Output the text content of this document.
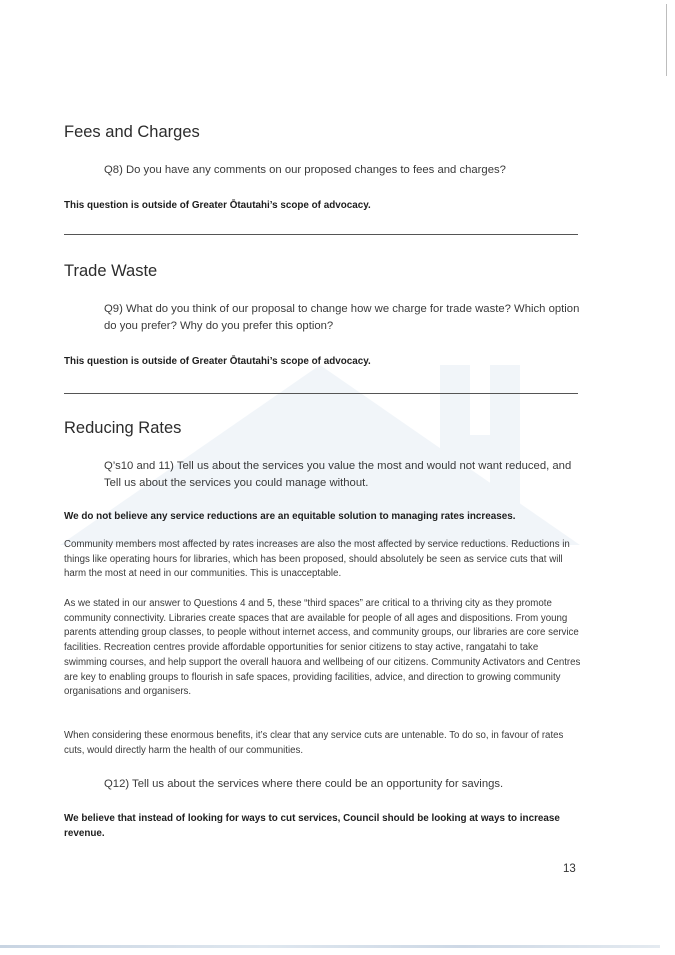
Fees and Charges

Q8) Do you have any comments on our proposed changes to fees and charges?

This question is outside of Greater Ōtautahi’s scope of advocacy.

Trade Waste

Q9) What do you think of our proposal to change how we charge for trade waste? Which option do you prefer? Why do you prefer this option?

This question is outside of Greater Ōtautahi’s scope of advocacy.

Reducing Rates

Q’s10 and 11) Tell us about the services you value the most and would not want reduced, and Tell us about the services you could manage without.

We do not believe any service reductions are an equitable solution to managing rates increases.

Community members most affected by rates increases are also the most affected by service reductions. Reductions in things like operating hours for libraries, which has been proposed, should absolutely be seen as service cuts that will harm the most at need in our communities. This is unacceptable.

As we stated in our answer to Questions 4 and 5, these “third spaces” are critical to a thriving city as they promote community connectivity. Libraries create spaces that are available for people of all ages and dispositions. From young parents attending group classes, to people without internet access, and community groups, our libraries are core service facilities. Recreation centres provide affordable opportunities for senior citizens to stay active, rangatahi to take swimming courses, and help support the overall hauora and wellbeing of our citizens. Community Activators and Centres are key to enabling groups to flourish in safe spaces, providing facilities, advice, and direction to growing community organisations and organisers.

When considering these enormous benefits, it’s clear that any service cuts are untenable. To do so, in favour of rates cuts, would directly harm the health of our communities.

Q12) Tell us about the services where there could be an opportunity for savings.

We believe that instead of looking for ways to cut services, Council should be looking at ways to increase revenue.

13
